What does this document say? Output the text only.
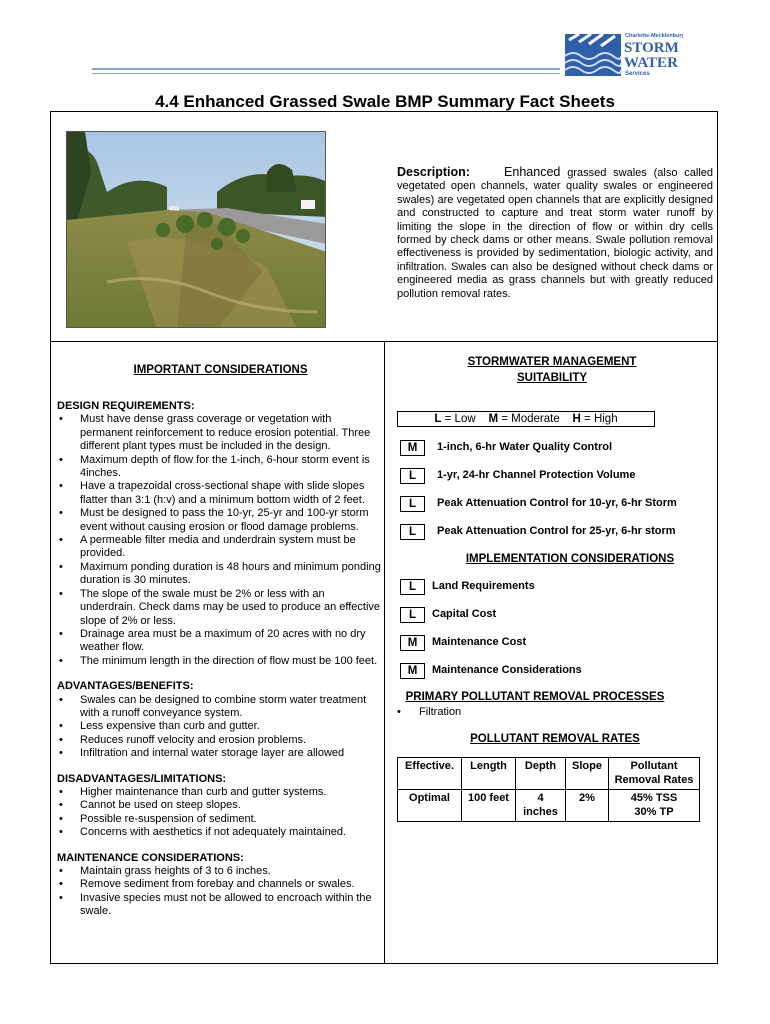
Charlotte-Mecklenburg
STORM
WATER
Services
4.4 Enhanced Grassed Swale BMP Summary Fact Sheets
Description:	Enhanced grassed swales (also called vegetated open channels, water quality swales or engineered swales) are vegetated open channels that are explicitly designed and constructed to capture and treat storm water runoff by limiting the slope in the direction of flow or within dry cells formed by check dams or other means. Swale pollution removal effectiveness is provided by sedimentation, biologic activity, and infiltration. Swales can also be designed without check dams or engineered media as grass channels but with greatly reduced pollution removal rates.
IMPORTANT CONSIDERATIONS

DESIGN REQUIREMENTS:

• Must have dense grass coverage or vegetation with permanent reinforcement to reduce erosion potential. Three different plant types must be included in the design.
• Maximum depth of flow for the 1-inch, 6-hour storm event is 4inches.
• Have a trapezoidal cross-sectional shape with slide slopes flatter than 3:1 (h:v) and a minimum bottom width of 2 feet.
• Must be designed to pass the 10-yr, 25-yr and 100-yr storm event without causing erosion or flood damage problems.
• A permeable filter media and underdrain system must be provided.
• Maximum ponding duration is 48 hours and minimum ponding duration is 30 minutes.
• The slope of the swale must be 2% or less with an underdrain. Check dams may be used to produce an effective slope of 2% or less.
• Drainage area must be a maximum of 20 acres with no dry weather flow.
• The minimum length in the direction of flow must be 100 feet.

ADVANTAGES/BENEFITS:

• Swales can be designed to combine storm water treatment with a runoff conveyance system.
• Less expensive than curb and gutter.
• Reduces runoff velocity and erosion problems.
• Infiltration and internal water storage layer are allowed

DISADVANTAGES/LIMITATIONS:

• Higher maintenance than curb and gutter systems.
• Cannot be used on steep slopes.
• Possible re-suspension of sediment.
• Concerns with aesthetics if not adequately maintained.

MAINTENANCE CONSIDERATIONS:

• Maintain grass heights of 3 to 6 inches.
• Remove sediment from forebay and channels or swales.
• Invasive species must not be allowed to encroach within the swale.
STORMWATER MANAGEMENT
SUITABILITY
L = Low M = Moderate H = High
M	1-inch, 6-hr Water Quality Control
L	1-yr, 24-hr Channel Protection Volume
L	Peak Attenuation Control for 10-yr, 6-hr Storm
L	Peak Attenuation Control for 25-yr, 6-hr storm
IMPLEMENTATION CONSIDERATIONS
L	Land Requirements
L	Capital Cost
M	Maintenance Cost
M	Maintenance Considerations
PRIMARY POLLUTANT REMOVAL PROCESSES
• Filtration
POLLUTANT REMOVAL RATES
Effective.	Length	Depth	Slope	Pollutant Removal Rates
Optimal	100 feet	4 inches	2%	45% TSS
30% TP
